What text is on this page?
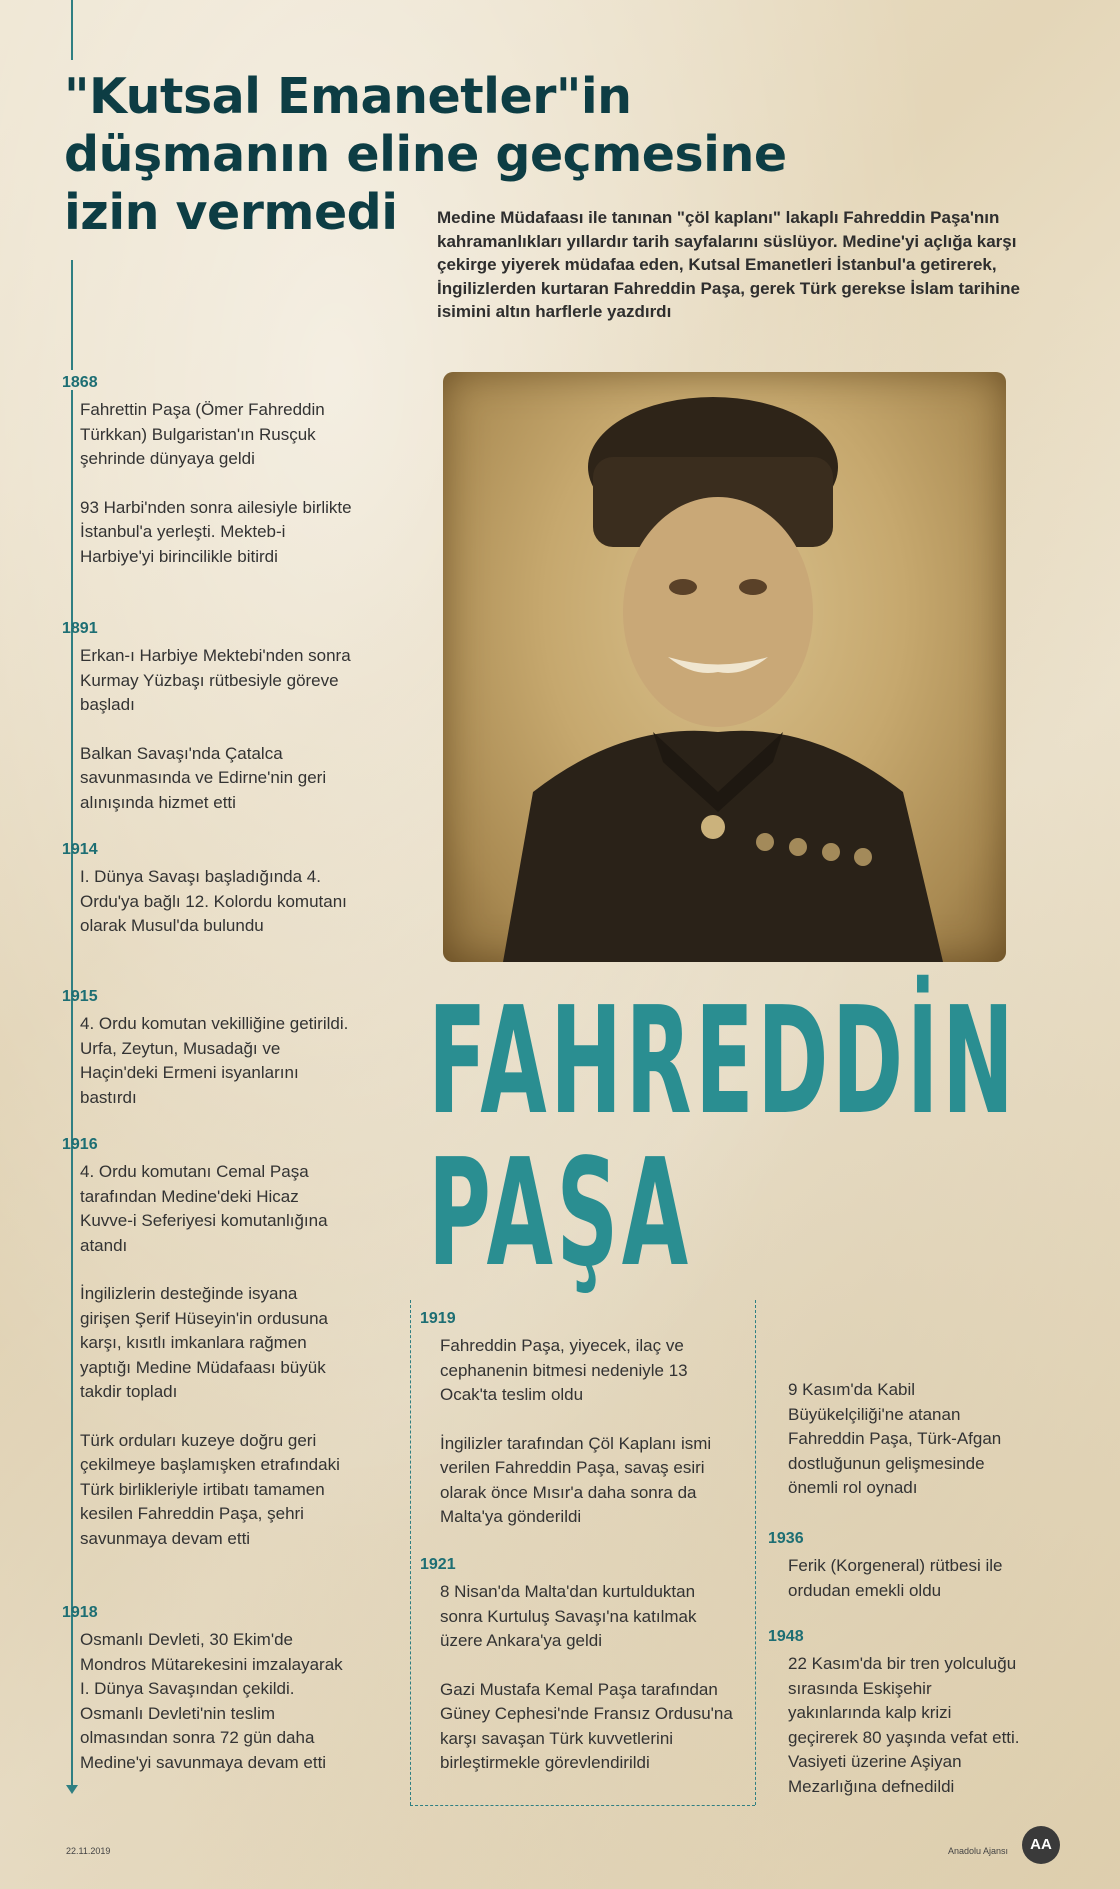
"Kutsal Emanetler"in
düşmanın eline geçmesine
izin vermedi	Medine Müdafaası ile tanınan "çöl kaplanı" lakaplı Fahreddin Paşa'nın kahramanlıkları yıllardır tarih sayfalarını süslüyor. Medine'yi açlığa karşı çekirge yiyerek müdafaa eden, Kutsal Emanetleri İstanbul'a getirerek, İngilizlerden kurtaran Fahreddin Paşa, gerek Türk gerekse İslam tarihine isimini altın harflerle yazdırdı

FAHREDDİN
PAŞA
1868

Fahrettin Paşa (Ömer Fahreddin Türkkan) Bulgaristan'ın Rusçuk şehrinde dünyaya geldi

93 Harbi'nden sonra ailesiyle birlikte İstanbul'a yerleşti. Mekteb-i Harbiye'yi birincilikle bitirdi

1891

Erkan-ı Harbiye Mektebi'nden sonra Kurmay Yüzbaşı rütbesiyle göreve başladı

Balkan Savaşı'nda Çatalca savunmasında ve Edirne'nin geri alınışında hizmet etti

1914

I. Dünya Savaşı başladığında 4. Ordu'ya bağlı 12. Kolordu komutanı olarak Musul'da bulundu

1915

4. Ordu komutan vekilliğine getirildi. Urfa, Zeytun, Musadağı ve Haçin'deki Ermeni isyanlarını bastırdı

1916

4. Ordu komutanı Cemal Paşa tarafından Medine'deki Hicaz Kuvve-i Seferiyesi komutanlığına atandı

İngilizlerin desteğinde isyana girişen Şerif Hüseyin'in ordusuna karşı, kısıtlı imkanlara rağmen yaptığı Medine Müdafaası büyük takdir topladı

Türk orduları kuzeye doğru geri çekilmeye başlamışken etrafındaki Türk birlikleriyle irtibatı tamamen kesilen Fahreddin Paşa, şehri savunmaya devam etti

1918

Osmanlı Devleti, 30 Ekim'de Mondros Mütarekesini imzalayarak I. Dünya Savaşından çekildi. Osmanlı Devleti'nin teslim olmasından sonra 72 gün daha Medine'yi savunmaya devam etti

1919

Fahreddin Paşa, yiyecek, ilaç ve cephanenin bitmesi nedeniyle 13 Ocak'ta teslim oldu

İngilizler tarafından Çöl Kaplanı ismi verilen Fahreddin Paşa, savaş esiri olarak önce Mısır'a daha sonra da Malta'ya gönderildi

1921

8 Nisan'da Malta'dan kurtulduktan sonra Kurtuluş Savaşı'na katılmak üzere Ankara'ya geldi

Gazi Mustafa Kemal Paşa tarafından Güney Cephesi'nde Fransız Ordusu'na karşı savaşan Türk kuvvetlerini birleştirmekle görevlendirildi

9 Kasım'da Kabil Büyükelçiliği'ne atanan Fahreddin Paşa, Türk-Afgan dostluğunun gelişmesinde önemli rol oynadı

1936

Ferik (Korgeneral) rütbesi ile ordudan emekli oldu

1948

22 Kasım'da bir tren yolculuğu sırasında Eskişehir yakınlarında kalp krizi geçirerek 80 yaşında vefat etti. Vasiyeti üzerine Aşiyan Mezarlığına defnedildi

22.11.2019	Anadolu Ajansı	AA
